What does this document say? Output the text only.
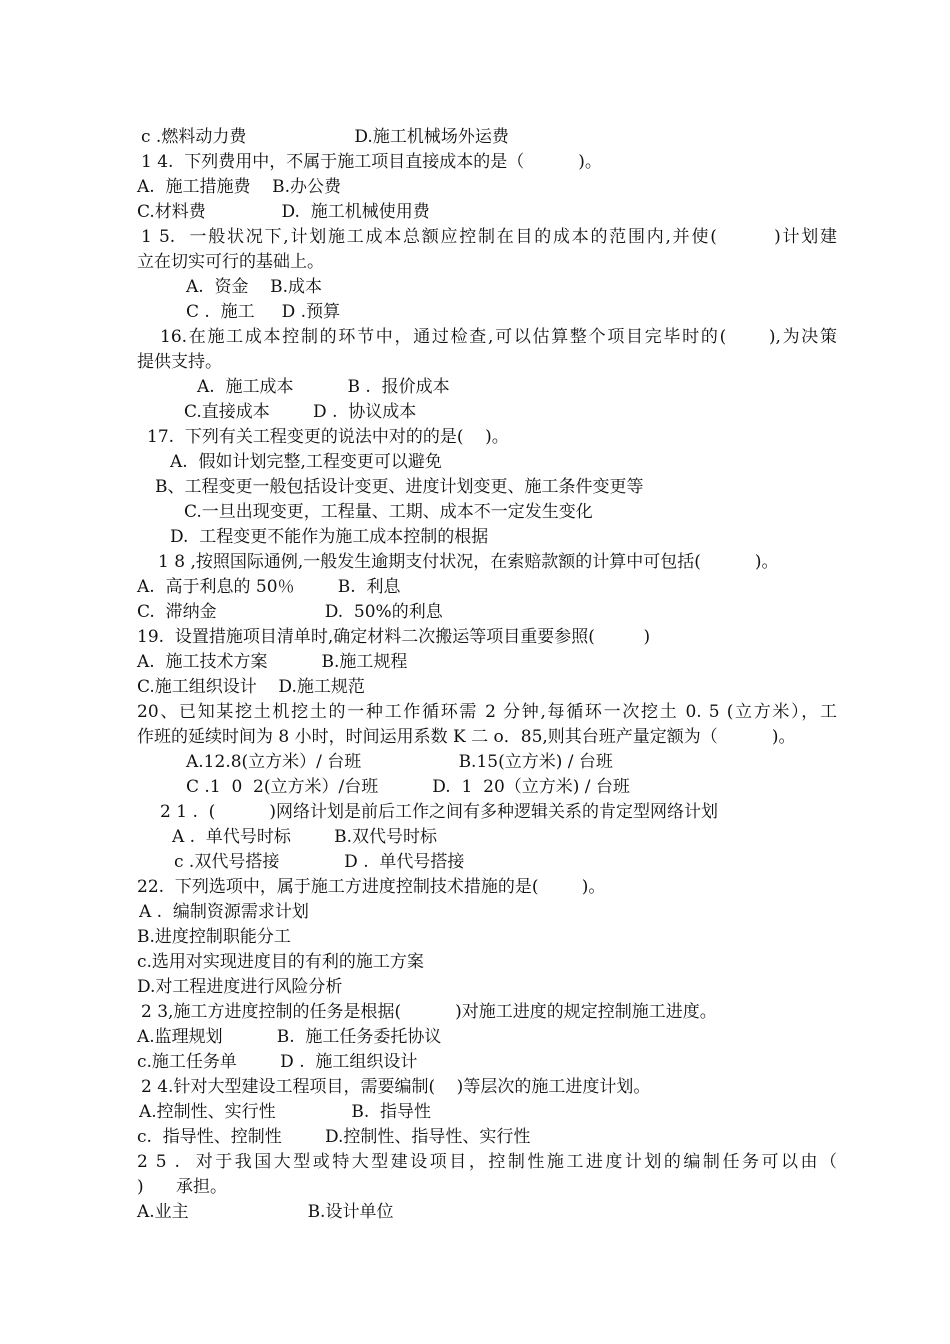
c .燃料动力费                    D.施工机械场外运费
1 4.  下列费用中，不属于施工项目直接成本的是（          )。
A.  施工措施费    B.办公费
C.材料费              D.  施工机械使用费
1 5.  一般状况下,计划施工成本总额应控制在目的成本的范围内,并使(        )计划建
立在切实可行的基础上。
A.  资金    B.成本
C .  施工     D .预算
16.在施工成本控制的环节中，通过检查,可以估算整个项目完毕时的(      ),为决策
提供支持。
A.  施工成本          B .  报价成本
C.直接成本        D .  协议成本
17.  下列有关工程变更的说法中对的的是(    )。
A.  假如计划完整,工程变更可以避免
B、工程变更一般包括设计变更、进度计划变更、施工条件变更等
C.一旦出现变更，工程量、工期、成本不一定发生变化
D.  工程变更不能作为施工成本控制的根据
1 8 ,按照国际通例,一般发生逾期支付状况，在索赔款额的计算中可包括(          )。
A.  高于利息的 50％        B.  利息
C.  滞纳金                    D.  50%的利息
19.  设置措施项目清单时,确定材料二次搬运等项目重要参照(         )
A.  施工技术方案          B.施工规程
C.施工组织设计    D.施工规范
20、已知某挖土机挖土的一种工作循环需 2 分钟,每循环一次挖土 0. 5 (立方米），工
作班的延续时间为 8 小时，时间运用系数 K 二 o．85,则其台班产量定额为（          )。
A.12.8(立方米）/ 台班                  B.15(立方米) / 台班
C .1  0  2(立方米）/台班          D.  1  20（立方米) / 台班
2 1 .  (          )网络计划是前后工作之间有多种逻辑关系的肯定型网络计划
A .  单代号时标        B.双代号时标
c .双代号搭接            D .  单代号搭接
22.  下列选项中，属于施工方进度控制技术措施的是(        )。
A .  编制资源需求计划
B.进度控制职能分工
c.选用对实现进度目的有利的施工方案
D.对工程进度进行风险分析
2 3,施工方进度控制的任务是根据(          )对施工进度的规定控制施工进度。
A.监理规划          B.  施工任务委托协议
c.施工任务单        D .  施工组织设计
2 4.针对大型建设工程项目，需要编制(    )等层次的施工进度计划。
A.控制性、实行性              B.  指导性
c.  指导性、控制性        D.控制性、指导性、实行性
2 5 .  对于我国大型或特大型建设项目，控制性施工进度计划的编制任务可以由（
)      承担。
A.业主                      B.设计单位
